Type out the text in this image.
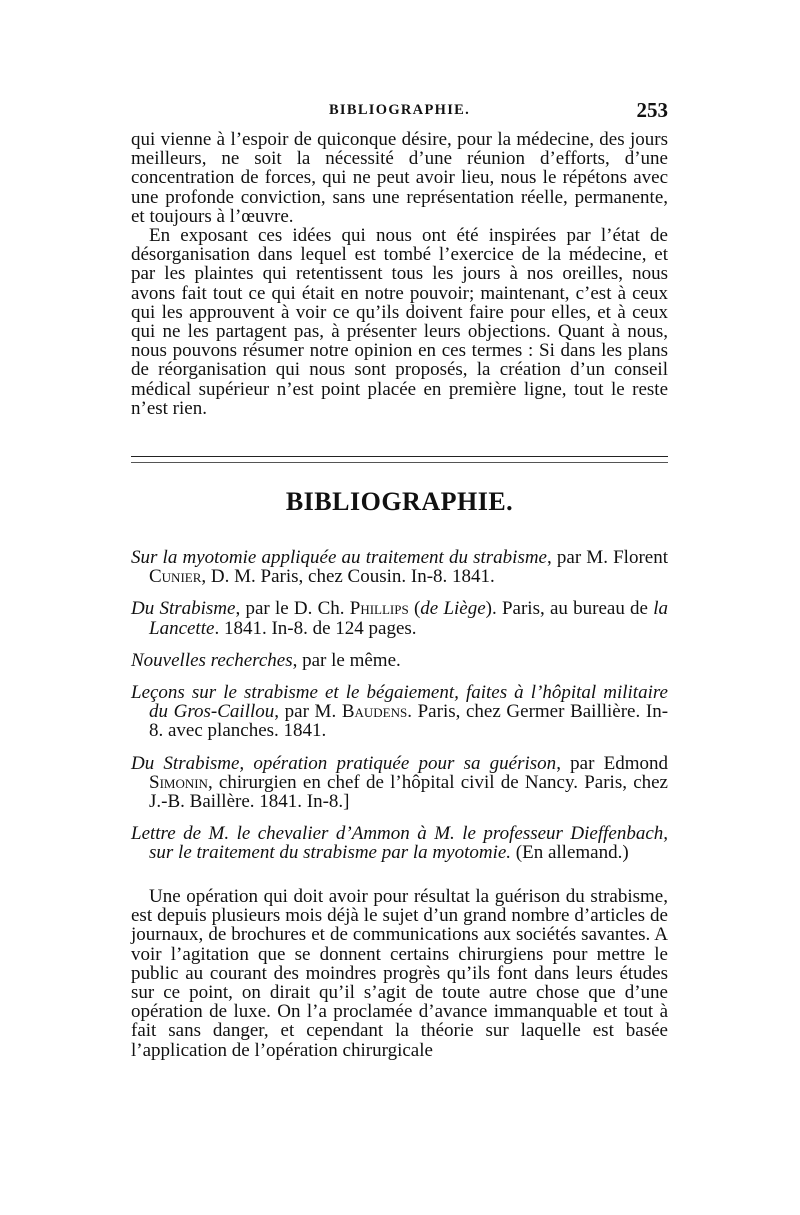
BIBLIOGRAPHIE.	253

qui vienne à l’espoir de quiconque désire, pour la médecine, des jours meilleurs, ne soit la nécessité d’une réunion d’efforts, d’une concentration de forces, qui ne peut avoir lieu, nous le répétons avec une profonde conviction, sans une représentation réelle, permanente, et toujours à l’œuvre.

En exposant ces idées qui nous ont été inspirées par l’état de désorganisation dans lequel est tombé l’exercice de la médecine, et par les plaintes qui retentissent tous les jours à nos oreilles, nous avons fait tout ce qui était en notre pouvoir; maintenant, c’est à ceux qui les approuvent à voir ce qu’ils doivent faire pour elles, et à ceux qui ne les partagent pas, à présenter leurs objections. Quant à nous, nous pouvons résumer notre opinion en ces termes : Si dans les plans de réorganisation qui nous sont proposés, la création d’un conseil médical supérieur n’est point placée en première ligne, tout le reste n’est rien.

BIBLIOGRAPHIE.

Sur la myotomie appliquée au traitement du strabisme, par M. Florent Cunier, D. M. Paris, chez Cousin. In-8. 1841.

Du Strabisme, par le D. Ch. Phillips (de Liège). Paris, au bureau de la Lancette. 1841. In-8. de 124 pages.

Nouvelles recherches, par le même.

Leçons sur le strabisme et le bégaiement, faites à l’hôpital militaire du Gros-Caillou, par M. Baudens. Paris, chez Germer Baillière. In-8. avec planches. 1841.

Du Strabisme, opération pratiquée pour sa guérison, par Edmond Simonin, chirurgien en chef de l’hôpital civil de Nancy. Paris, chez J.-B. Baillère. 1841. In-8.]

Lettre de M. le chevalier d’Ammon à M. le professeur Dieffenbach, sur le traitement du strabisme par la myotomie. (En allemand.)

Une opération qui doit avoir pour résultat la guérison du strabisme, est depuis plusieurs mois déjà le sujet d’un grand nombre d’articles de journaux, de brochures et de communications aux sociétés savantes. A voir l’agitation que se donnent certains chirurgiens pour mettre le public au courant des moindres progrès qu’ils font dans leurs études sur ce point, on dirait qu’il s’agit de toute autre chose que d’une opération de luxe. On l’a proclamée d’avance immanquable et tout à fait sans danger, et cependant la théorie sur laquelle est basée l’application de l’opération chirurgicale
